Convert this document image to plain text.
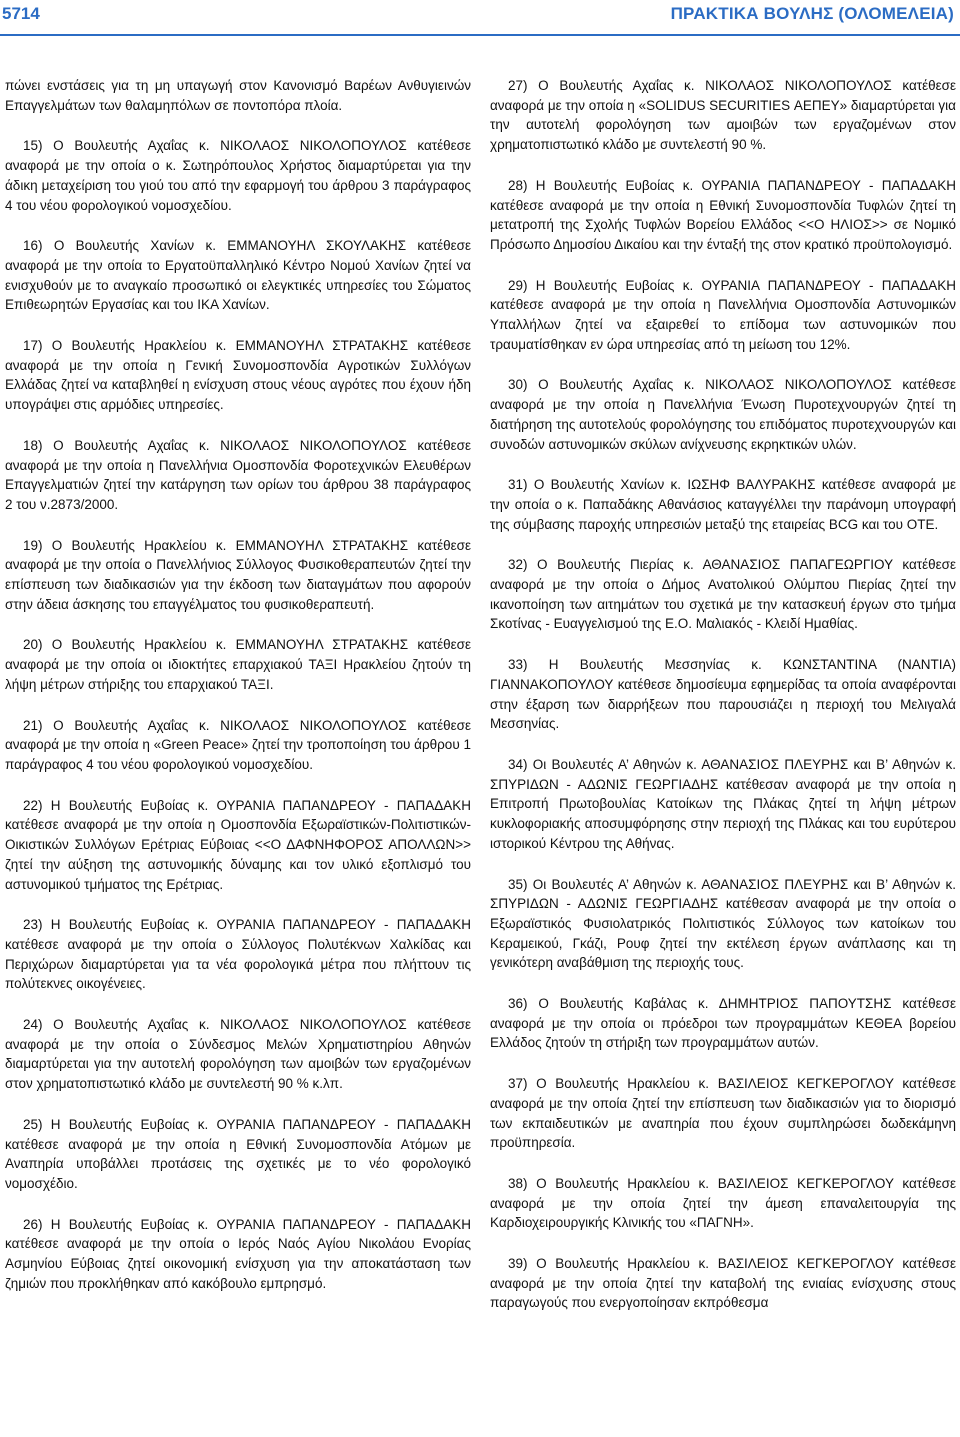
5714	ΠΡΑΚΤΙΚΑ ΒΟΥΛΗΣ (ΟΛΟΜΕΛΕΙΑ)

πώνει ενστάσεις για τη μη υπαγωγή στον Κανονισμό Βαρέων Ανθυγιεινών Επαγγελμάτων των θαλαμηπόλων σε ποντοπόρα πλοία.

15) Ο Βουλευτής Αχαΐας κ. ΝΙΚΟΛΑΟΣ ΝΙΚΟΛΟΠΟΥΛΟΣ κατέθεσε αναφορά με την οποία ο κ. Σωτηρόπουλος Χρήστος διαμαρτύρεται για την άδικη μεταχείριση του γιού του από την εφαρμογή του άρθρου 3 παράγραφος 4 του νέου φορολογικού νομοσχεδίου.

16) Ο Βουλευτής Χανίων κ. ΕΜΜΑΝΟΥΗΛ ΣΚΟΥΛΑΚΗΣ κατέθεσε αναφορά με την οποία το Εργατοϋπαλληλικό Κέντρο Νομού Χανίων ζητεί να ενισχυθούν με το αναγκαίο προσωπικό οι ελεγκτικές υπηρεσίες του Σώματος Επιθεωρητών Εργασίας και του ΙΚΑ Χανίων.

17) Ο Βουλευτής Ηρακλείου κ. ΕΜΜΑΝΟΥΗΛ ΣΤΡΑΤΑΚΗΣ κατέθεσε αναφορά με την οποία η Γενική Συνομοσπονδία Αγροτικών Συλλόγων Ελλάδας ζητεί να καταβληθεί η ενίσχυση στους νέους αγρότες που έχουν ήδη υπογράψει στις αρμόδιες υπηρεσίες.

18) Ο Βουλευτής Αχαΐας κ. ΝΙΚΟΛΑΟΣ ΝΙΚΟΛΟΠΟΥΛΟΣ κατέθεσε αναφορά με την οποία η Πανελλήνια Ομοσπονδία Φοροτεχνικών Ελευθέρων Επαγγελματιών ζητεί την κατάργηση των ορίων του άρθρου 38 παράγραφος 2 του ν.2873/2000.

19) Ο Βουλευτής Ηρακλείου κ. ΕΜΜΑΝΟΥΗΛ ΣΤΡΑΤΑΚΗΣ κατέθεσε αναφορά με την οποία ο Πανελλήνιος Σύλλογος Φυσικοθεραπευτών ζητεί την επίσπευση των διαδικασιών για την έκδοση των διαταγμάτων που αφορούν στην άδεια άσκησης του επαγγέλματος του φυσικοθεραπευτή.

20) Ο Βουλευτής Ηρακλείου κ. ΕΜΜΑΝΟΥΗΛ ΣΤΡΑΤΑΚΗΣ κατέθεσε αναφορά με την οποία οι ιδιοκτήτες επαρχιακού ΤΑΞΙ Ηρακλείου ζητούν τη λήψη μέτρων στήριξης του επαρχιακού ΤΑΞΙ.

21) Ο Βουλευτής Αχαΐας κ. ΝΙΚΟΛΑΟΣ ΝΙΚΟΛΟΠΟΥΛΟΣ κατέθεσε αναφορά με την οποία η «Green Peace» ζητεί την τροποποίηση του άρθρου 1 παράγραφος 4 του νέου φορολογικού νομοσχεδίου.

22) Η Βουλευτής Ευβοίας κ. ΟΥΡΑΝΙΑ ΠΑΠΑΝΔΡΕΟΥ - ΠΑΠΑΔΑΚΗ κατέθεσε αναφορά με την οποία η Ομοσπονδία Εξωραϊστικών-Πολιτιστικών-Οικιστικών Συλλόγων Ερέτριας Εύβοιας <<Ο ΔΑΦΝΗΦΟΡΟΣ ΑΠΟΛΛΩΝ>> ζητεί την αύξηση της αστυνομικής δύναμης και τον υλικό εξοπλισμό του αστυνομικού τμήματος της Ερέτριας.

23) Η Βουλευτής Ευβοίας κ. ΟΥΡΑΝΙΑ ΠΑΠΑΝΔΡΕΟΥ - ΠΑΠΑΔΑΚΗ κατέθεσε αναφορά με την οποία ο Σύλλογος Πολυτέκνων Χαλκίδας και Περιχώρων διαμαρτύρεται για τα νέα φορολογικά μέτρα που πλήττουν τις πολύτεκνες οικογένειες.

24) Ο Βουλευτής Αχαΐας κ. ΝΙΚΟΛΑΟΣ ΝΙΚΟΛΟΠΟΥΛΟΣ κατέθεσε αναφορά με την οποία ο Σύνδεσμος Μελών Χρηματιστηρίου Αθηνών διαμαρτύρεται για την αυτοτελή φορολόγηση των αμοιβών των εργαζομένων στον χρηματοπιστωτικό κλάδο με συντελεστή 90 % κ.λπ.

25) Η Βουλευτής Ευβοίας κ. ΟΥΡΑΝΙΑ ΠΑΠΑΝΔΡΕΟΥ - ΠΑΠΑΔΑΚΗ κατέθεσε αναφορά με την οποία η Εθνική Συνομοσπονδία Ατόμων με Αναπηρία υποβάλλει προτάσεις της σχετικές με το νέο φορολογικό νομοσχέδιο.

26) Η Βουλευτής Ευβοίας κ. ΟΥΡΑΝΙΑ ΠΑΠΑΝΔΡΕΟΥ - ΠΑΠΑΔΑΚΗ κατέθεσε αναφορά με την οποία ο Ιερός Ναός Αγίου Νικολάου Ενορίας Ασμηνίου Εύβοιας ζητεί οικονομική ενίσχυση για την αποκατάσταση των ζημιών που προκλήθηκαν από κακόβουλο εμπρησμό.

27) Ο Βουλευτής Αχαΐας κ. ΝΙΚΟΛΑΟΣ ΝΙΚΟΛΟΠΟΥΛΟΣ κατέθεσε αναφορά με την οποία η «SOLIDUS SECURITIES ΑΕΠΕΥ» διαμαρτύρεται για την αυτοτελή φορολόγηση των αμοιβών των εργαζομένων στον χρηματοπιστωτικό κλάδο με συντελεστή 90 %.

28) Η Βουλευτής Ευβοίας κ. ΟΥΡΑΝΙΑ ΠΑΠΑΝΔΡΕΟΥ - ΠΑΠΑΔΑΚΗ κατέθεσε αναφορά με την οποία η Εθνική Συνομοσπονδία Τυφλών ζητεί τη μετατροπή της Σχολής Τυφλών Βορείου Ελλάδος <<Ο ΗΛΙΟΣ>> σε Νομικό Πρόσωπο Δημοσίου Δικαίου και την ένταξή της στον κρατικό προϋπολογισμό.

29) Η Βουλευτής Ευβοίας κ. ΟΥΡΑΝΙΑ ΠΑΠΑΝΔΡΕΟΥ - ΠΑΠΑΔΑΚΗ κατέθεσε αναφορά με την οποία η Πανελλήνια Ομοσπονδία Αστυνομικών Υπαλλήλων ζητεί να εξαιρεθεί το επίδομα των αστυνομικών που τραυματίσθηκαν εν ώρα υπηρεσίας από τη μείωση του 12%.

30) Ο Βουλευτής Αχαΐας κ. ΝΙΚΟΛΑΟΣ ΝΙΚΟΛΟΠΟΥΛΟΣ κατέθεσε αναφορά με την οποία η Πανελλήνια Ένωση Πυροτεχνουργών ζητεί τη διατήρηση της αυτοτελούς φορολόγησης του επιδόματος πυροτεχνουργών και συνοδών αστυνομικών σκύλων ανίχνευσης εκρηκτικών υλών.

31) Ο Βουλευτής Χανίων κ. ΙΩΣΗΦ ΒΑΛΥΡΑΚΗΣ κατέθεσε αναφορά με την οποία ο κ. Παπαδάκης Αθανάσιος καταγγέλλει την παράνομη υπογραφή της σύμβασης παροχής υπηρεσιών μεταξύ της εταιρείας BCG και του ΟΤΕ.

32) Ο Βουλευτής Πιερίας κ. ΑΘΑΝΑΣΙΟΣ ΠΑΠΑΓΕΩΡΓΙΟΥ κατέθεσε αναφορά με την οποία ο Δήμος Ανατολικού Ολύμπου Πιερίας ζητεί την ικανοποίηση των αιτημάτων του σχετικά με την κατασκευή έργων στο τμήμα Σκοτίνας - Ευαγγελισμού της Ε.Ο. Μαλιακός - Κλειδί Ημαθίας.

33) Η Βουλευτής Μεσσηνίας κ. ΚΩΝΣΤΑΝΤΙΝΑ (ΝΑΝΤΙΑ) ΓΙΑΝΝΑΚΟΠΟΥΛΟΥ κατέθεσε δημοσίευμα εφημερίδας τα οποία αναφέρονται στην έξαρση των διαρρήξεων που παρουσιάζει η περιοχή του Μελιγαλά Μεσσηνίας.

34) Οι Βουλευτές Α’ Αθηνών κ. ΑΘΑΝΑΣΙΟΣ ΠΛΕΥΡΗΣ και Β’ Αθηνών κ. ΣΠΥΡΙΔΩΝ - ΑΔΩΝΙΣ ΓΕΩΡΓΙΑΔΗΣ κατέθεσαν αναφορά με την οποία η Επιτροπή Πρωτοβουλίας Κατοίκων της Πλάκας ζητεί τη λήψη μέτρων κυκλοφοριακής αποσυμφόρησης στην περιοχή της Πλάκας και του ευρύτερου ιστορικού Κέντρου της Αθήνας.

35) Οι Βουλευτές Α’ Αθηνών κ. ΑΘΑΝΑΣΙΟΣ ΠΛΕΥΡΗΣ και Β’ Αθηνών κ. ΣΠΥΡΙΔΩΝ - ΑΔΩΝΙΣ ΓΕΩΡΓΙΑΔΗΣ κατέθεσαν αναφορά με την οποία ο Εξωραϊστικός Φυσιολατρικός Πολιτιστικός Σύλλογος των κατοίκων του Κεραμεικού, Γκάζι, Ρουφ ζητεί την εκτέλεση έργων ανάπλασης και τη γενικότερη αναβάθμιση της περιοχής τους.

36) Ο Βουλευτής Καβάλας κ. ΔΗΜΗΤΡΙΟΣ ΠΑΠΟΥΤΣΗΣ κατέθεσε αναφορά με την οποία οι πρόεδροι των προγραμμάτων ΚΕΘΕΑ βορείου Ελλάδος ζητούν τη στήριξη των προγραμμάτων αυτών.

37) Ο Βουλευτής Ηρακλείου κ. ΒΑΣΙΛΕΙΟΣ ΚΕΓΚΕΡΟΓΛΟΥ κατέθεσε αναφορά με την οποία ζητεί την επίσπευση των διαδικασιών για το διορισμό των εκπαιδευτικών με αναπηρία που έχουν συμπληρώσει δωδεκάμηνη προϋπηρεσία.

38) Ο Βουλευτής Ηρακλείου κ. ΒΑΣΙΛΕΙΟΣ ΚΕΓΚΕΡΟΓΛΟΥ κατέθεσε αναφορά με την οποία ζητεί την άμεση επαναλειτουργία της Καρδιοχειρουργικής Κλινικής του «ΠΑΓΝΗ».

39) Ο Βουλευτής Ηρακλείου κ. ΒΑΣΙΛΕΙΟΣ ΚΕΓΚΕΡΟΓΛΟΥ κατέθεσε αναφορά με την οποία ζητεί την καταβολή της ενιαίας ενίσχυσης στους παραγωγούς που ενεργοποίησαν εκπρόθεσμα
